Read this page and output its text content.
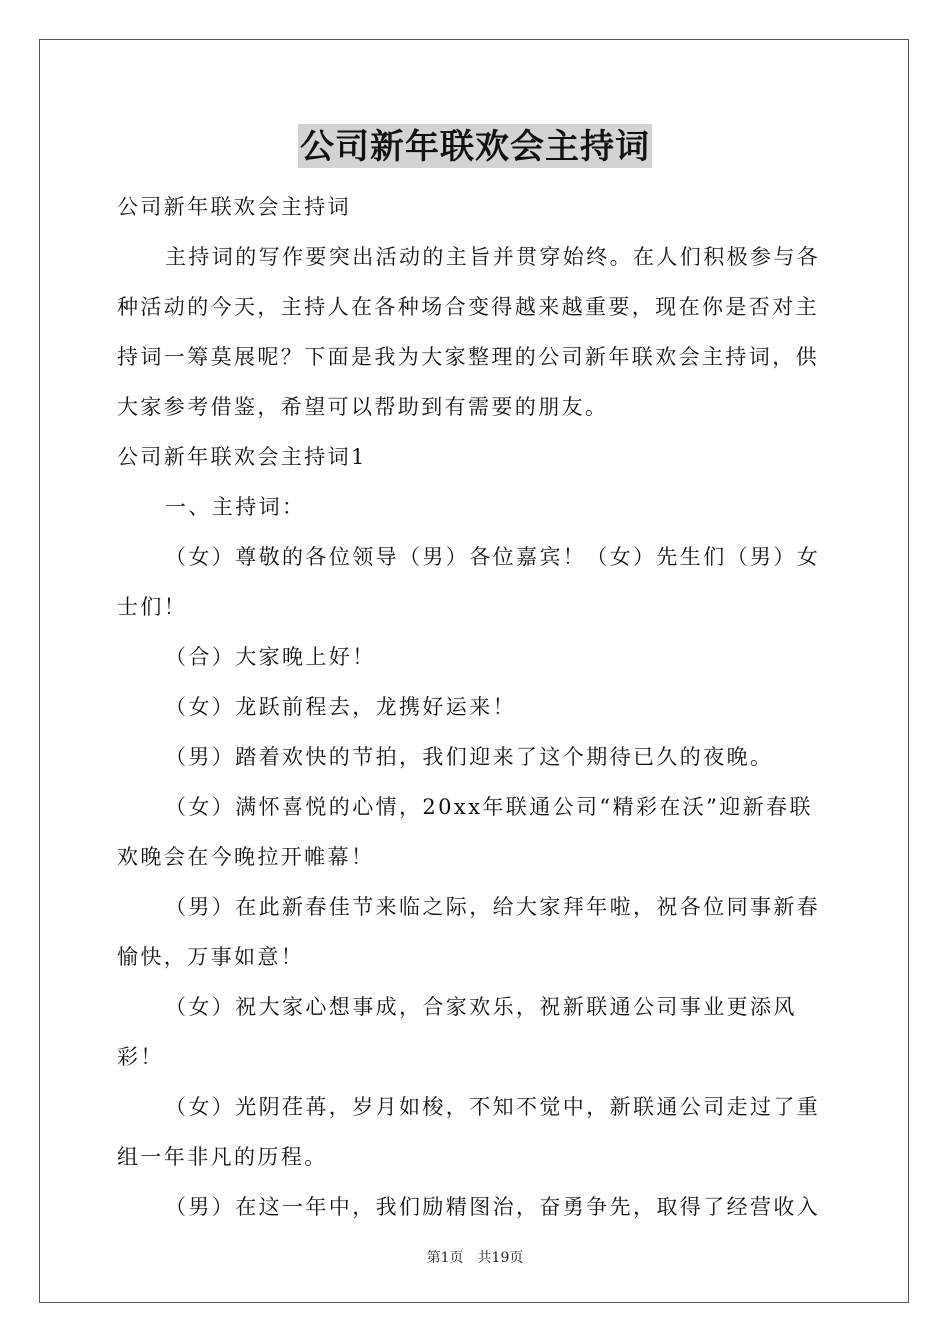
公司新年联欢会主持词

公司新年联欢会主持词

主持词的写作要突出活动的主旨并贯穿始终。在人们积极参与各种活动的今天，主持人在各种场合变得越来越重要，现在你是否对主持词一筹莫展呢？下面是我为大家整理的公司新年联欢会主持词，供大家参考借鉴，希望可以帮助到有需要的朋友。

公司新年联欢会主持词1

一、主持词：

（女）尊敬的各位领导（男）各位嘉宾！（女）先生们（男）女士们！

（合）大家晚上好！

（女）龙跃前程去，龙携好运来！

（男）踏着欢快的节拍，我们迎来了这个期待已久的夜晚。

（女）满怀喜悦的心情，20xx年联通公司“精彩在沃”迎新春联欢晚会在今晚拉开帷幕！

（男）在此新春佳节来临之际，给大家拜年啦，祝各位同事新春愉快，万事如意！

（女）祝大家心想事成，合家欢乐，祝新联通公司事业更添风彩！

（女）光阴荏苒，岁月如梭，不知不觉中，新联通公司走过了重组一年非凡的历程。

（男）在这一年中，我们励精图治，奋勇争先，取得了经营收入

第1页 共19页
